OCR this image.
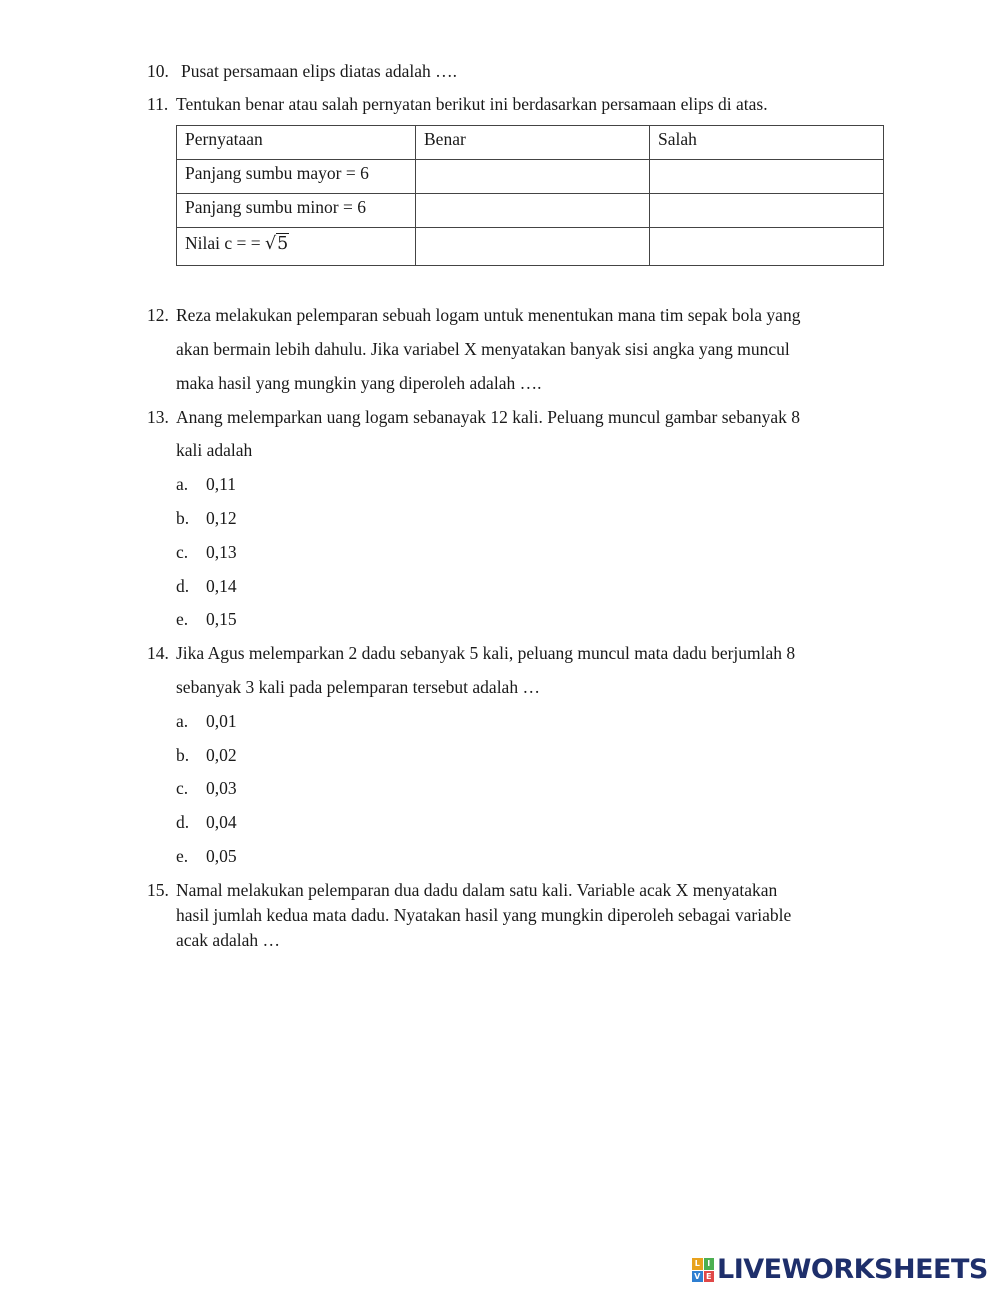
10. Pusat persamaan elips diatas adalah ….
11. Tentukan benar atau salah pernyatan berikut ini berdasarkan persamaan elips di atas.
Pernyataan	Benar	Salah
Panjang sumbu mayor = 6		
Panjang sumbu minor = 6		
Nilai c = = √5		
12. Reza melakukan pelemparan sebuah logam untuk menentukan mana tim sepak bola yang
akan bermain lebih dahulu. Jika variabel X menyatakan banyak sisi angka yang muncul
maka hasil yang mungkin yang diperoleh adalah ….
13. Anang melemparkan uang logam sebanayak 12 kali. Peluang muncul gambar sebanyak 8
kali adalah
a. 0,11
b. 0,12
c. 0,13
d. 0,14
e. 0,15
14. Jika Agus melemparkan 2 dadu sebanyak 5 kali, peluang muncul mata dadu berjumlah 8
sebanyak 3 kali pada pelemparan tersebut adalah …
a. 0,01
b. 0,02
c. 0,03
d. 0,04
e. 0,05
15. Namal melakukan pelemparan dua dadu dalam satu kali. Variable acak X menyatakan
hasil jumlah kedua mata dadu. Nyatakan hasil yang mungkin diperoleh sebagai variable
acak adalah …
L I
V E LIVEWORKSHEETS
